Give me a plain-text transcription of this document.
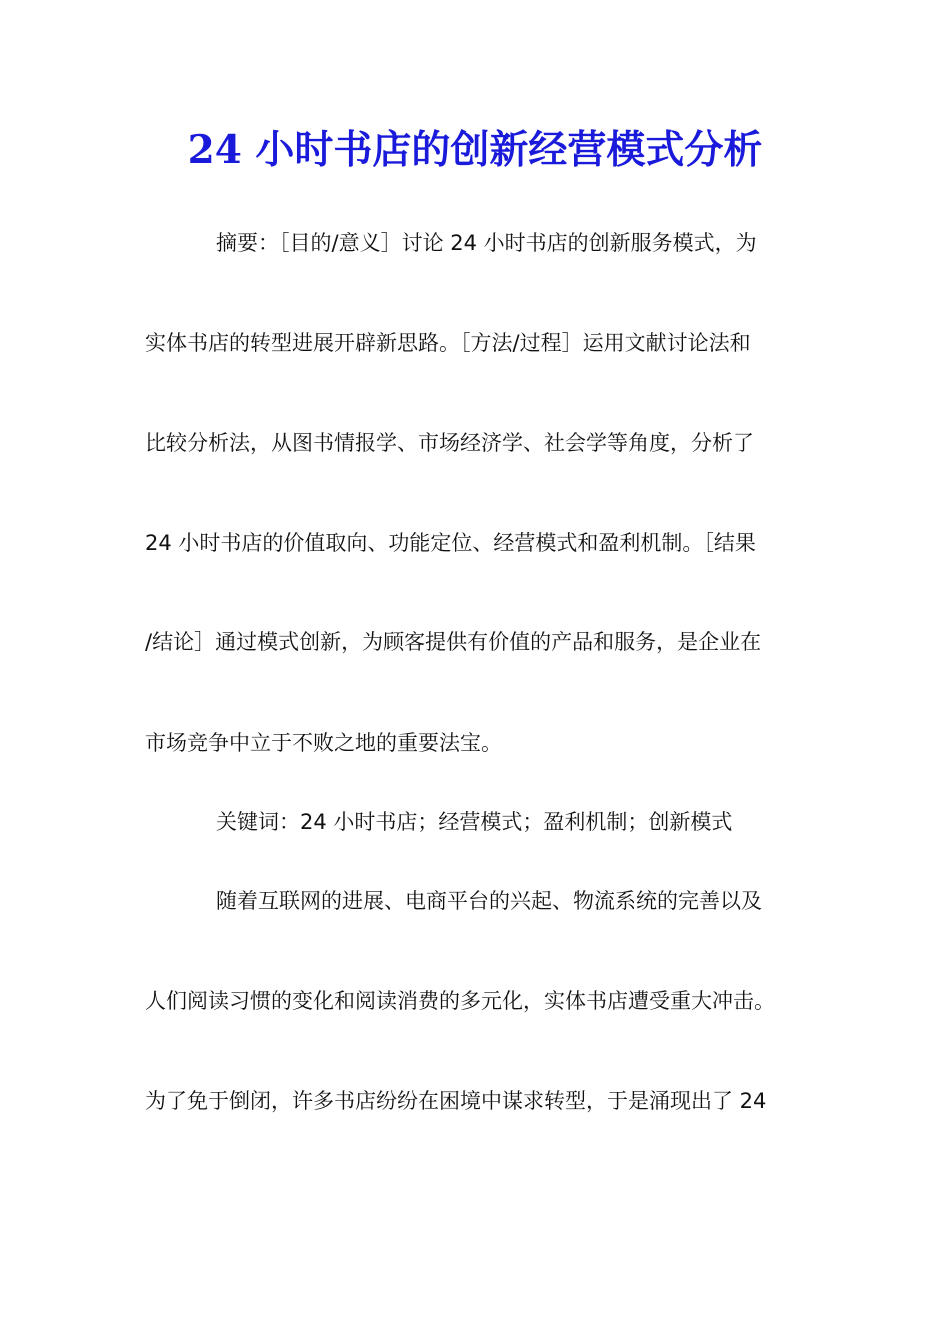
24 小时书店的创新经营模式分析
摘要：［目的/意义］讨论 24 小时书店的创新服务模式，为
实体书店的转型进展开辟新思路。［方法/过程］运用文献讨论法和
比较分析法，从图书情报学、市场经济学、社会学等角度，分析了
24 小时书店的价值取向、功能定位、经营模式和盈利机制。［结果
/结论］通过模式创新，为顾客提供有价值的产品和服务，是企业在
市场竞争中立于不败之地的重要法宝。
关键词：24 小时书店；经营模式；盈利机制；创新模式
随着互联网的进展、电商平台的兴起、物流系统的完善以及
人们阅读习惯的变化和阅读消费的多元化，实体书店遭受重大冲击。
为了免于倒闭，许多书店纷纷在困境中谋求转型，于是涌现出了 24
